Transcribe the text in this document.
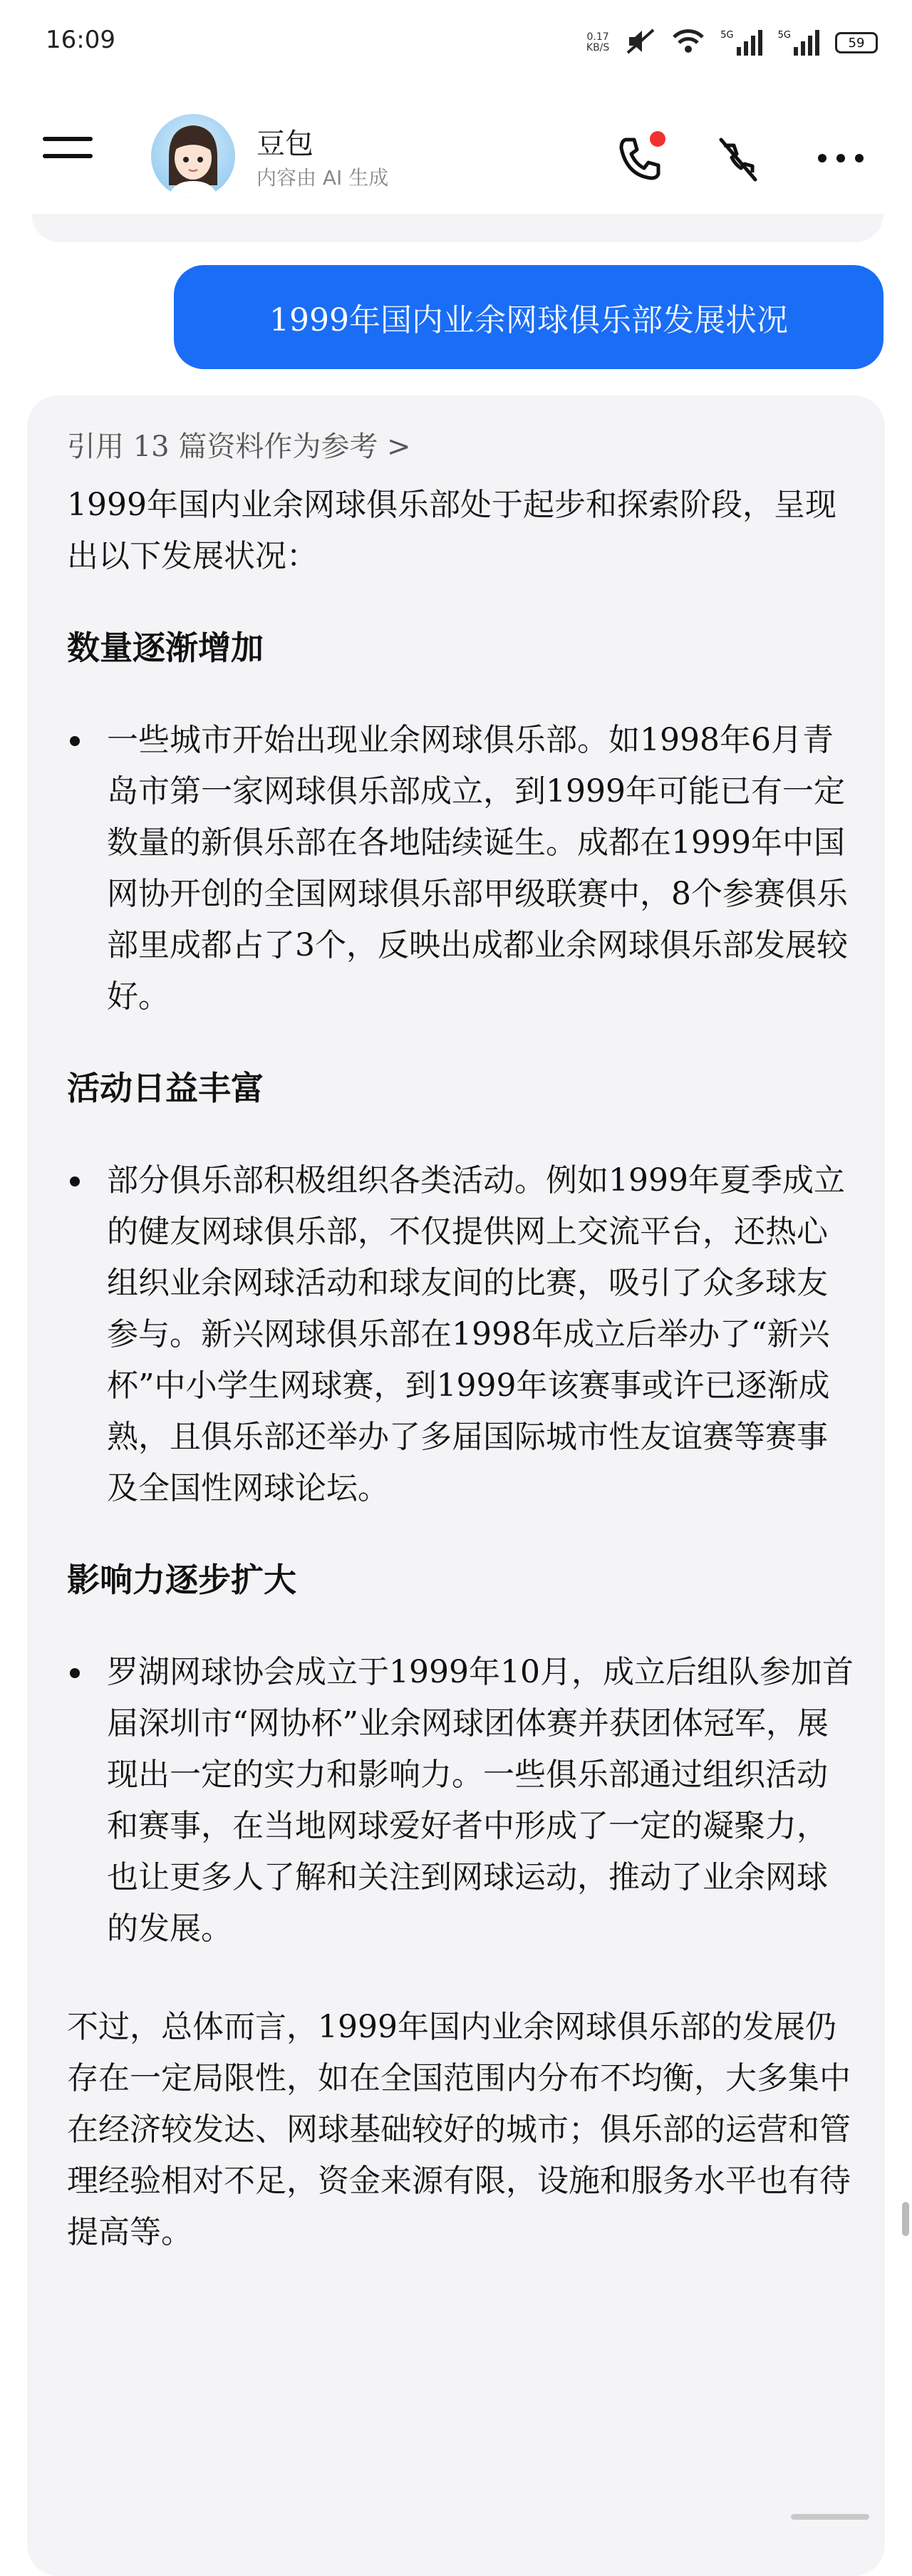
16:09	0.17
KB/S
5G	5G	59
豆包
内容由 AI 生成
1999年国内业余网球俱乐部发展状况
引用 13 篇资料作为参考 >

1999年国内业余网球俱乐部处于起步和探索阶段，呈现出以下发展状况：

数量逐渐增加

一些城市开始出现业余网球俱乐部。如1998年6月青岛市第一家网球俱乐部成立，到1999年可能已有一定数量的新俱乐部在各地陆续诞生。成都在1999年中国网协开创的全国网球俱乐部甲级联赛中，8个参赛俱乐部里成都占了3个，反映出成都业余网球俱乐部发展较好。

活动日益丰富

部分俱乐部积极组织各类活动。例如1999年夏季成立的健友网球俱乐部，不仅提供网上交流平台，还热心组织业余网球活动和球友间的比赛，吸引了众多球友参与。新兴网球俱乐部在1998年成立后举办了“新兴杯”中小学生网球赛，到1999年该赛事或许已逐渐成熟，且俱乐部还举办了多届国际城市性友谊赛等赛事及全国性网球论坛。

影响力逐步扩大

罗湖网球协会成立于1999年10月，成立后组队参加首届深圳市“网协杯”业余网球团体赛并获团体冠军，展现出一定的实力和影响力。一些俱乐部通过组织活动和赛事，在当地网球爱好者中形成了一定的凝聚力，也让更多人了解和关注到网球运动，推动了业余网球的发展。

不过，总体而言，1999年国内业余网球俱乐部的发展仍存在一定局限性，如在全国范围内分布不均衡，大多集中在经济较发达、网球基础较好的城市；俱乐部的运营和管理经验相对不足，资金来源有限，设施和服务水平也有待提高等。
